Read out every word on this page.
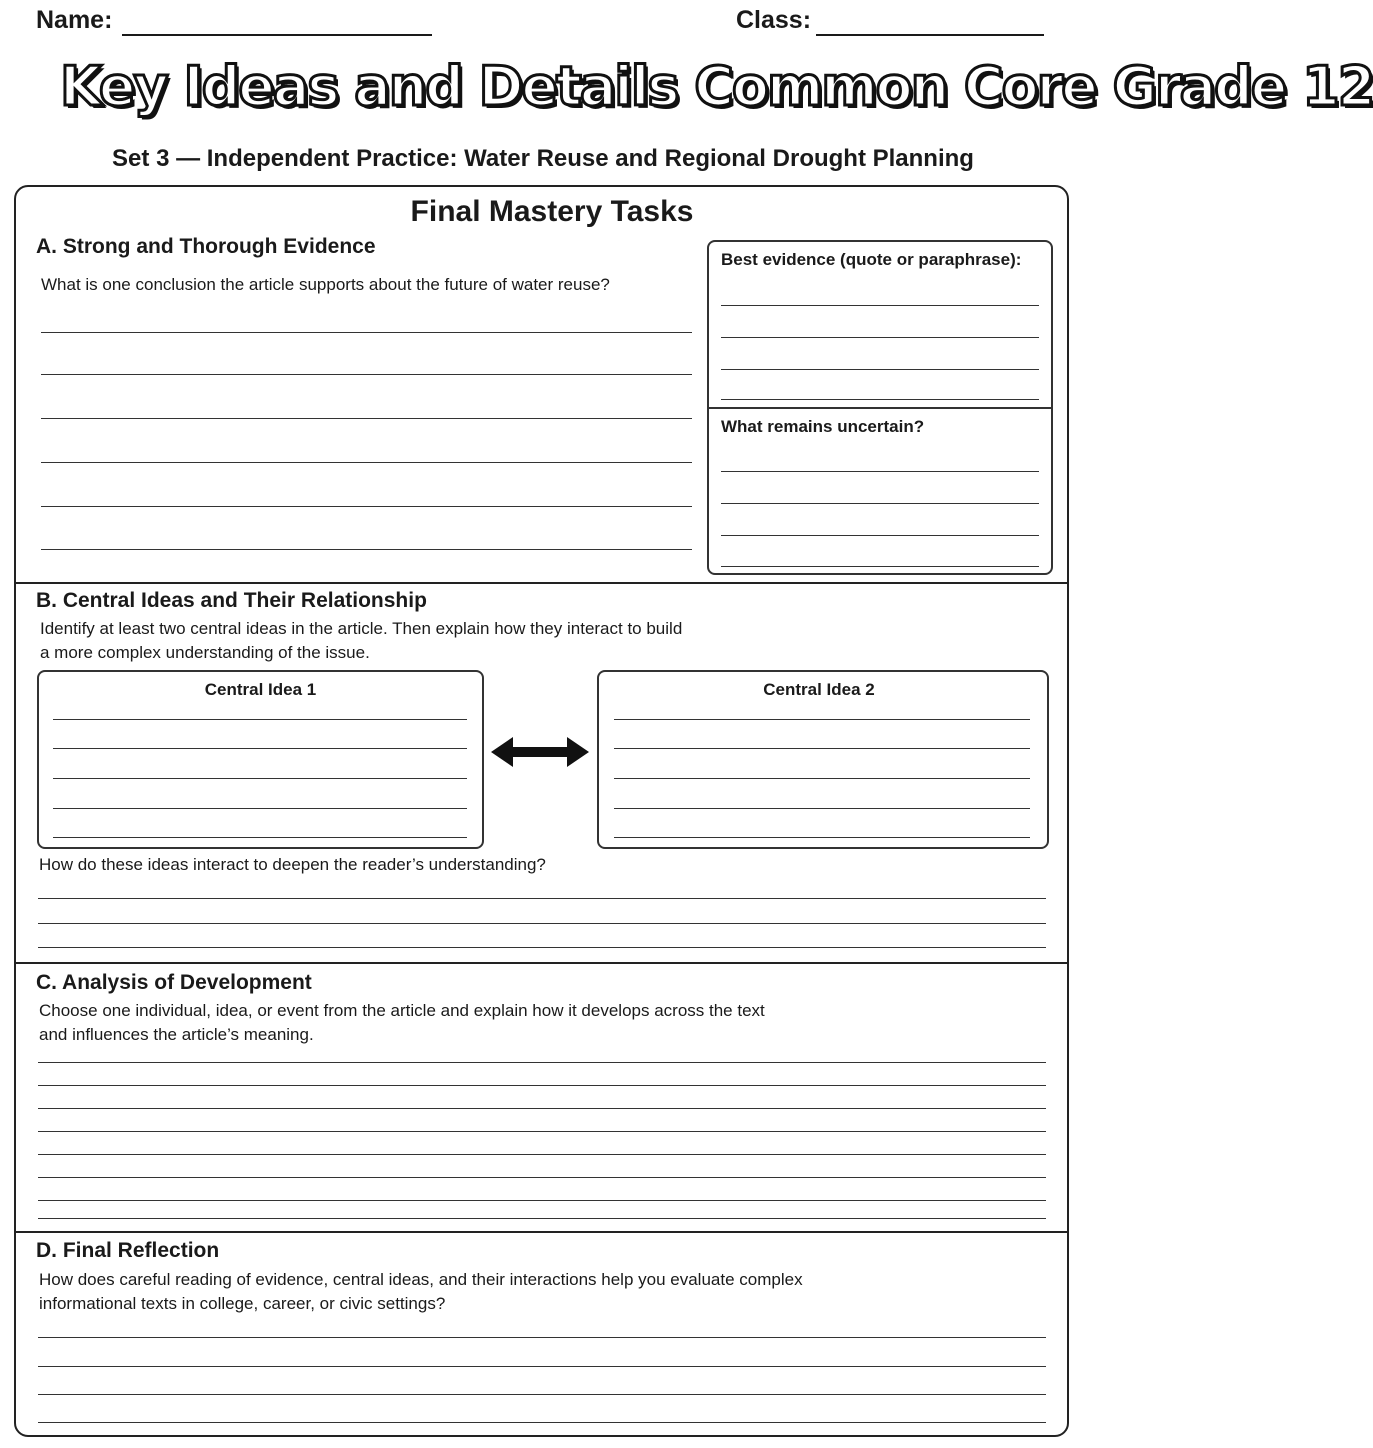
Name:	Class:
Key Ideas and Details Common Core Grade 12
Set 3 — Independent Practice: Water Reuse and Regional Drought Planning
Final Mastery Tasks
A. Strong and Thorough Evidence
What is one conclusion the article supports about the future of water reuse?
Best evidence (quote or paraphrase):
What remains uncertain?
B. Central Ideas and Their Relationship
Identify at least two central ideas in the article. Then explain how they interact to build
a more complex understanding of the issue.
Central Idea 1	Central Idea 2
How do these ideas interact to deepen the reader’s understanding?
C. Analysis of Development
Choose one individual, idea, or event from the article and explain how it develops across the text
and influences the article’s meaning.
D. Final Reflection
How does careful reading of evidence, central ideas, and their interactions help you evaluate complex
informational texts in college, career, or civic settings?
